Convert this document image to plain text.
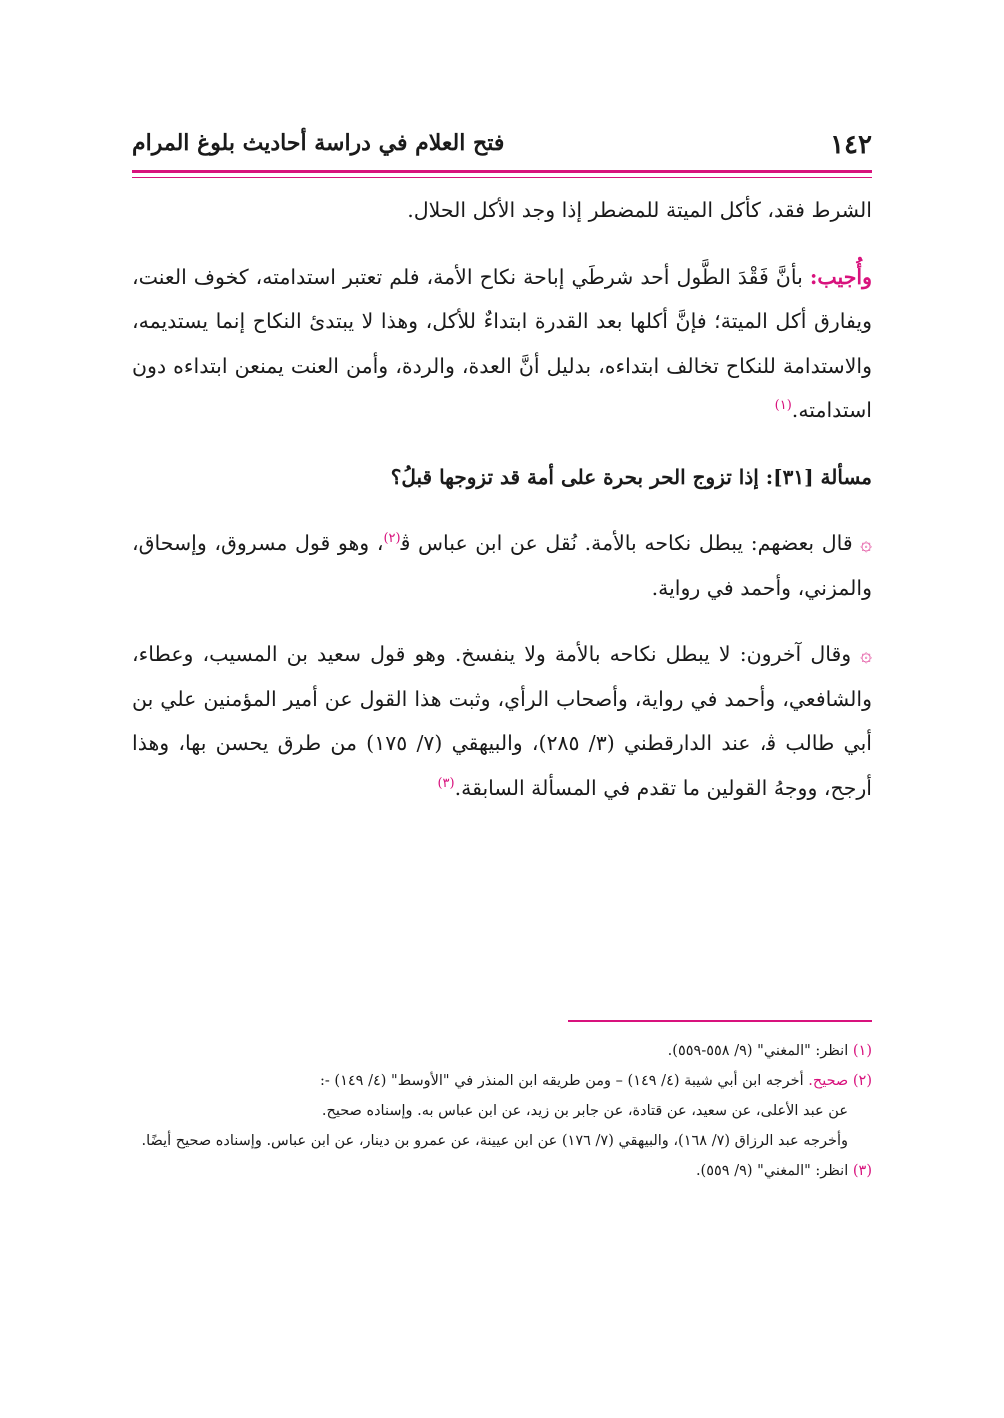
١٤٢
فتح العلام في دراسة أحاديث بلوغ المرام

الشرط فقد، كأكل الميتة للمضطر إذا وجد الأكل الحلال.

وأُجيب: بأنَّ فَقْدَ الطَّول أحد شرطَي إباحة نكاح الأمة، فلم تعتبر استدامته، كخوف العنت، ويفارق أكل الميتة؛ فإنَّ أكلها بعد القدرة ابتداءٌ للأكل، وهذا لا يبتدئ النكاح إنما يستديمه، والاستدامة للنكاح تخالف ابتداءه، بدليل أنَّ العدة، والردة، وأمن العنت يمنعن ابتداءه دون استدامته.$^{(١)}$

مسألة [٣١]: إذا تزوج الحر بحرة على أمة قد تزوجها قبلُ؟

۞ قال بعضهم: يبطل نكاحه بالأمة. نُقل عن ابن عباس ﭬ$^{(٢)}$، وهو قول مسروق، وإسحاق، والمزني، وأحمد في رواية.

۞ وقال آخرون: لا يبطل نكاحه بالأمة ولا ينفسخ. وهو قول سعيد بن المسيب، وعطاء، والشافعي، وأحمد في رواية، وأصحاب الرأي، وثبت هذا القول عن أمير المؤمنين علي بن أبي طالب ﭬ، عند الدارقطني (٣/ ٢٨٥)، والبيهقي (٧/ ١٧٥) من طرق يحسن بها، وهذا أرجح، ووجهُ القولين ما تقدم في المسألة السابقة.$^{(٣)}$

(١) انظر: "المغني" (٩/ ٥٥٨-٥٥٩).

(٢) صحيح. أخرجه ابن أبي شيبة (٤/ ١٤٩) – ومن طريقه ابن المنذر في "الأوسط" (٤/ ١٤٩) -:

عن عبد الأعلى، عن سعيد، عن قتادة، عن جابر بن زيد، عن ابن عباس به. وإسناده صحيح.

وأخرجه عبد الرزاق (٧/ ١٦٨)، والبيهقي (٧/ ١٧٦) عن ابن عيينة، عن عمرو بن دينار، عن ابن عباس. وإسناده صحيح أيضًا.

(٣) انظر: "المغني" (٩/ ٥٥٩).
